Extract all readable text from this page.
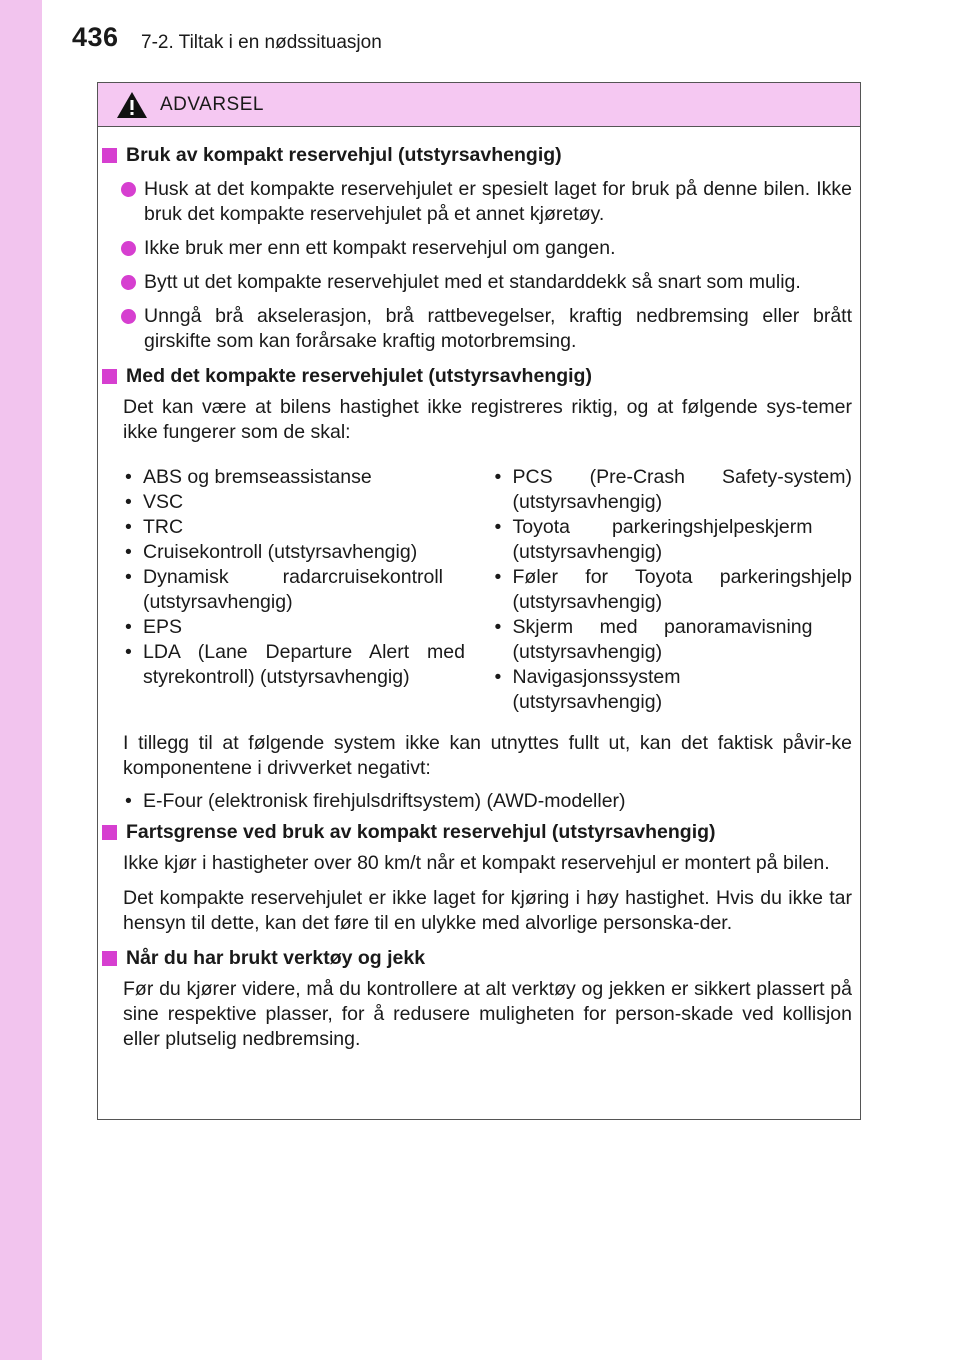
436 7-2. Tiltak i en nødssituasjon
ADVARSEL
Bruk av kompakt reservehjul (utstyrsavhengig)
Husk at det kompakte reservehjulet er spesielt laget for bruk på denne bilen. Ikke bruk det kompakte reservehjulet på et annet kjøretøy.
Ikke bruk mer enn ett kompakt reservehjul om gangen.
Bytt ut det kompakte reservehjulet med et standarddekk så snart som mulig.
Unngå brå akselerasjon, brå rattbevegelser, kraftig nedbremsing eller brått girskifte som kan forårsake kraftig motorbremsing.
Med det kompakte reservehjulet (utstyrsavhengig)
Det kan være at bilens hastighet ikke registreres riktig, og at følgende sys-temer ikke fungerer som de skal:
• ABS og bremseassistanse
• VSC
• TRC
• Cruisekontroll (utstyrsavhengig)
• Dynamisk radarcruisekontroll (utstyrsavhengig)
• EPS
• LDA (Lane Departure Alert med styrekontroll) (utstyrsavhengig)
• PCS (Pre-Crash Safety-system) (utstyrsavhengig)
• Toyota parkeringshjelpeskjerm (utstyrsavhengig)
• Føler for Toyota parkeringshjelp (utstyrsavhengig)
• Skjerm med panoramavisning (utstyrsavhengig)
• Navigasjonssystem (utstyrsavhengig)
I tillegg til at følgende system ikke kan utnyttes fullt ut, kan det faktisk påvir-ke komponentene i drivverket negativt:
• E-Four (elektronisk firehjulsdriftsystem) (AWD-modeller)
Fartsgrense ved bruk av kompakt reservehjul (utstyrsavhengig)
Ikke kjør i hastigheter over 80 km/t når et kompakt reservehjul er montert på bilen.
Det kompakte reservehjulet er ikke laget for kjøring i høy hastighet. Hvis du ikke tar hensyn til dette, kan det føre til en ulykke med alvorlige personska-der.
Når du har brukt verktøy og jekk
Før du kjører videre, må du kontrollere at alt verktøy og jekken er sikkert plassert på sine respektive plasser, for å redusere muligheten for person-skade ved kollisjon eller plutselig nedbremsing.
